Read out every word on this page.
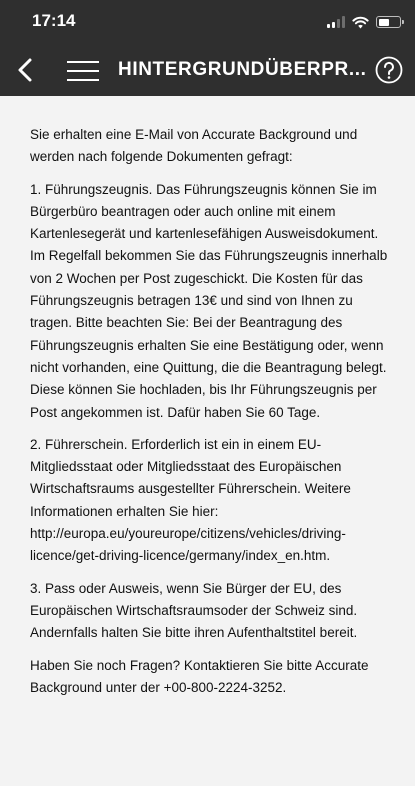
17:14
HINTERGRUNDÜBERPR...

Sie erhalten eine E-Mail von Accurate Background und werden nach folgende Dokumenten gefragt:

1. Führungszeugnis. Das Führungszeugnis können Sie im Bürgerbüro beantragen oder auch online mit einem Kartenlesegerät und kartenlesefähigen Ausweisdokument. Im Regelfall bekommen Sie das Führungszeugnis innerhalb von 2 Wochen per Post zugeschickt. Die Kosten für das Führungszeugnis betragen 13€ und sind von Ihnen zu tragen. Bitte beachten Sie: Bei der Beantragung des Führungszeugnis erhalten Sie eine Bestätigung oder, wenn nicht vorhanden, eine Quittung, die die Beantragung belegt. Diese können Sie hochladen, bis Ihr Führungszeugnis per Post angekommen ist. Dafür haben Sie 60 Tage.

2. Führerschein. Erforderlich ist ein in einem EU-Mitgliedsstaat oder Mitgliedsstaat des Europäischen Wirtschaftsraums ausgestellter Führerschein. Weitere Informationen erhalten Sie hier: http://europa.eu/youreurope/citizens/vehicles/driving-licence/get-driving-licence/germany/index_en.htm.

3. Pass oder Ausweis, wenn Sie Bürger der EU, des Europäischen Wirtschaftsraumsoder der Schweiz sind. Andernfalls halten Sie bitte ihren Aufenthaltstitel bereit.

Haben Sie noch Fragen? Kontaktieren Sie bitte Accurate Background unter der +00-800-2224-3252.
